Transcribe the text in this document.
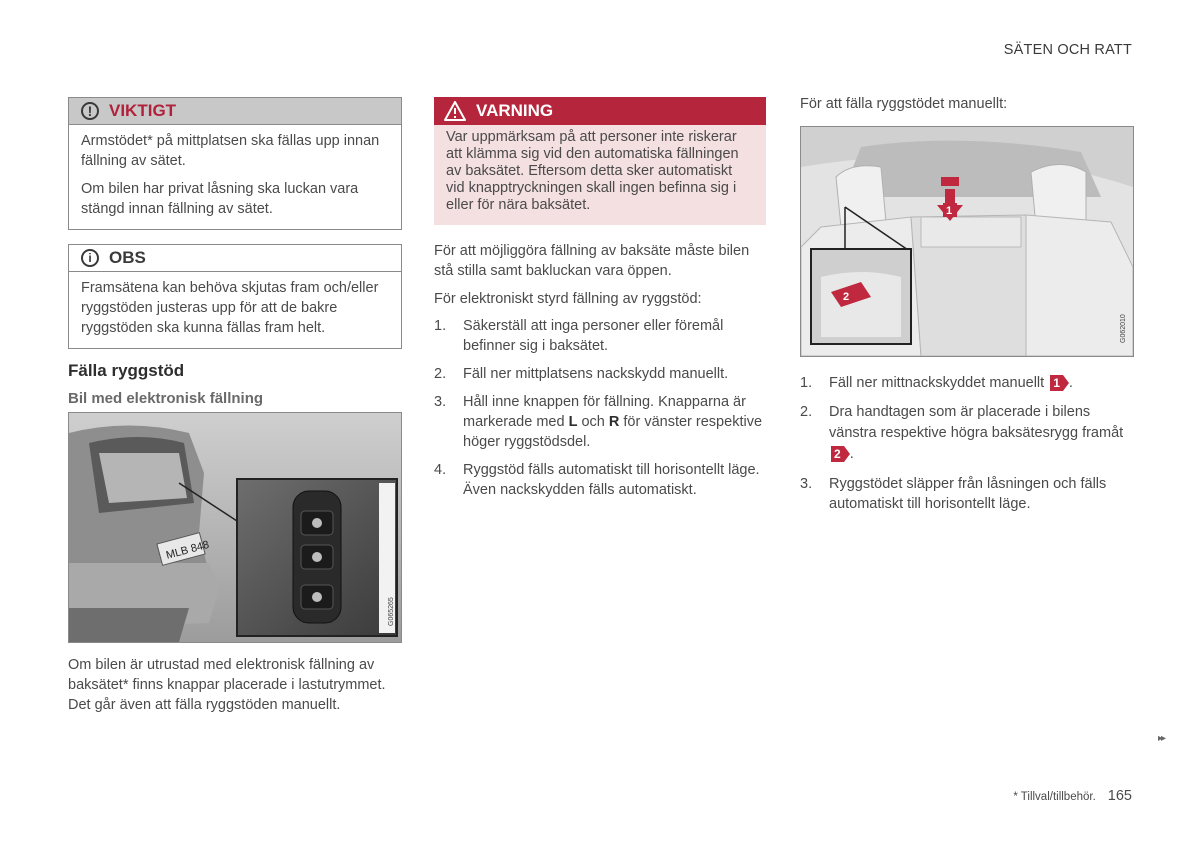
SÄTEN OCH RATT
! VIKTIGT

Armstödet* på mittplatsen ska fällas upp innan fällning av sätet.

Om bilen har privat låsning ska luckan vara stängd innan fällning av sätet.

i	OBS

Framsätena kan behöva skjutas fram och/eller ryggstöden justeras upp för att de bakre ryggstöden ska kunna fällas fram helt.

Fälla ryggstöd
Bil med elektronisk fällning
MLB 848
G065265

Om bilen är utrustad med elektronisk fällning av baksätet* finns knappar placerade i lastutrymmet. Det går även att fälla ryggstöden manuellt.

VARNING
Var uppmärksam på att personer inte riskerar att klämma sig vid den automatiska fällningen av baksätet. Eftersom detta sker automatiskt vid knapptryckningen skall ingen befinna sig i eller för nära baksätet.

För att möjliggöra fällning av baksäte måste bilen stå stilla samt bakluckan vara öppen.

För elektroniskt styrd fällning av ryggstöd:

1.	Säkerställ att inga personer eller föremål befinner sig i baksätet.
2.	Fäll ner mittplatsens nackskydd manuellt.
3.	Håll inne knappen för fällning. Knapparna är markerade med L och R för vänster respektive höger ryggstödsdel.
4.	Ryggstöd fälls automatiskt till horisontellt läge. Även nackskydden fälls automatiskt.

För att fälla ryggstödet manuellt:

1
2
G062010
1.	Fäll ner mittnackskyddet manuellt 1 .
2.	Dra handtagen som är placerade i bilens vänstra respektive högra baksätesrygg framåt 2 .
3.	Ryggstödet släpper från låsningen och fälls automatiskt till horisontellt läge.
▸▸
* Tillval/tillbehör. 165
